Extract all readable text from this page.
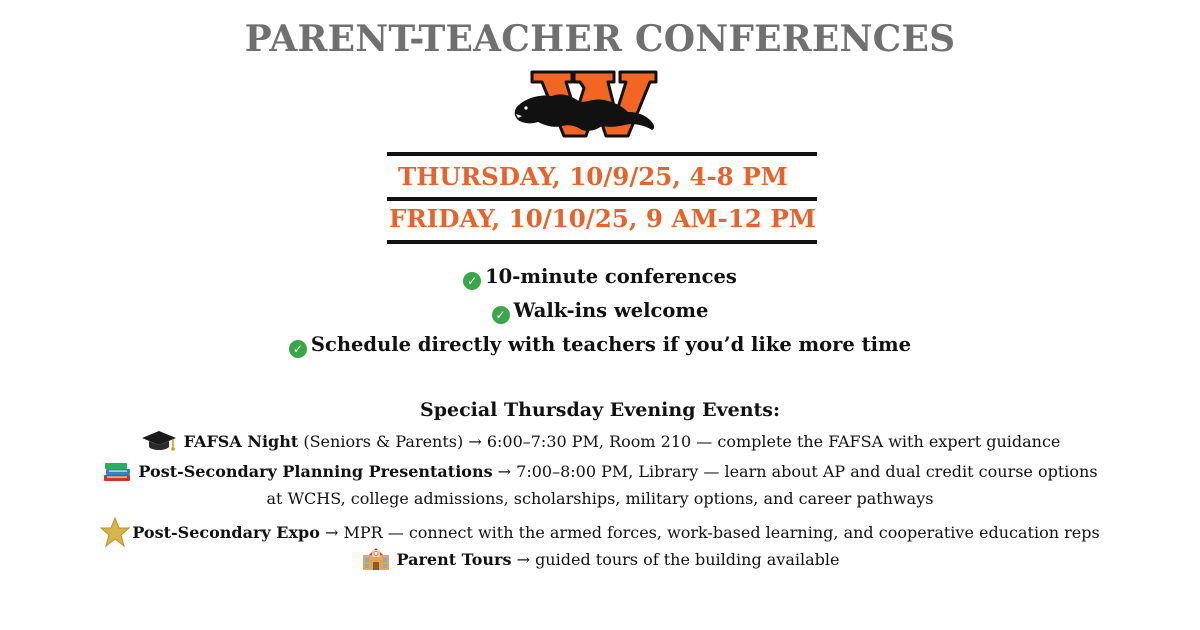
PARENT-TEACHER CONFERENCES
THURSDAY, 10/9/25, 4-8 PM
FRIDAY, 10/10/25, 9 AM-12 PM
✓ 10-minute conferences
✓ Walk-ins welcome
✓ Schedule directly with teachers if you’d like more time
Special Thursday Evening Events:
FAFSA Night (Seniors & Parents) → 6:00–7:30 PM, Room 210 — complete the FAFSA with expert guidance
Post-Secondary Planning Presentations → 7:00–8:00 PM, Library — learn about AP and dual credit course options
at WCHS, college admissions, scholarships, military options, and career pathways
Post-Secondary Expo → MPR — connect with the armed forces, work-based learning, and cooperative education reps
Parent Tours → guided tours of the building available
